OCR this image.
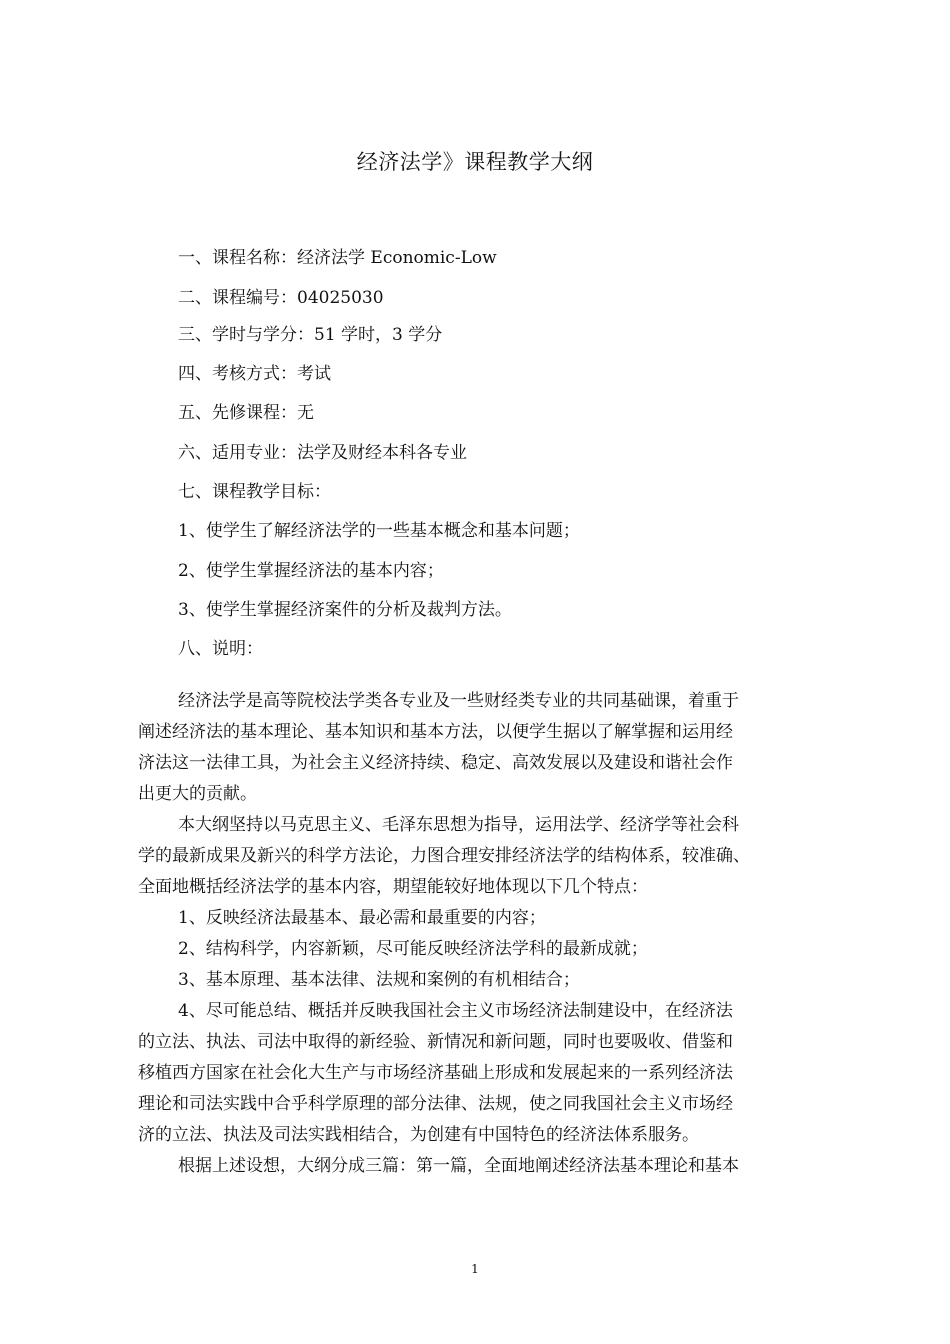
经济法学》课程教学大纲
一、课程名称：经济法学 Economic-Low
二、课程编号：04025030
三、学时与学分：51 学时，3 学分
四、考核方式：考试
五、先修课程：无
六、适用专业：法学及财经本科各专业
七、课程教学目标：
1、使学生了解经济法学的一些基本概念和基本问题；
2、使学生掌握经济法的基本内容；
3、使学生掌握经济案件的分析及裁判方法。
八、说明：
经济法学是高等院校法学类各专业及一些财经类专业的共同基础课，着重于
阐述经济法的基本理论、基本知识和基本方法，以便学生据以了解掌握和运用经
济法这一法律工具，为社会主义经济持续、稳定、高效发展以及建设和谐社会作
出更大的贡献。
本大纲坚持以马克思主义、毛泽东思想为指导，运用法学、经济学等社会科
学的最新成果及新兴的科学方法论，力图合理安排经济法学的结构体系，较准确、
全面地概括经济法学的基本内容，期望能较好地体现以下几个特点：
1、反映经济法最基本、最必需和最重要的内容；
2、结构科学，内容新颖，尽可能反映经济法学科的最新成就；
3、基本原理、基本法律、法规和案例的有机相结合；
4、尽可能总结、概括并反映我国社会主义市场经济法制建设中，在经济法
的立法、执法、司法中取得的新经验、新情况和新问题，同时也要吸收、借鉴和
移植西方国家在社会化大生产与市场经济基础上形成和发展起来的一系列经济法
理论和司法实践中合乎科学原理的部分法律、法规，使之同我国社会主义市场经
济的立法、执法及司法实践相结合，为创建有中国特色的经济法体系服务。
根据上述设想，大纲分成三篇：第一篇，全面地阐述经济法基本理论和基本
1
